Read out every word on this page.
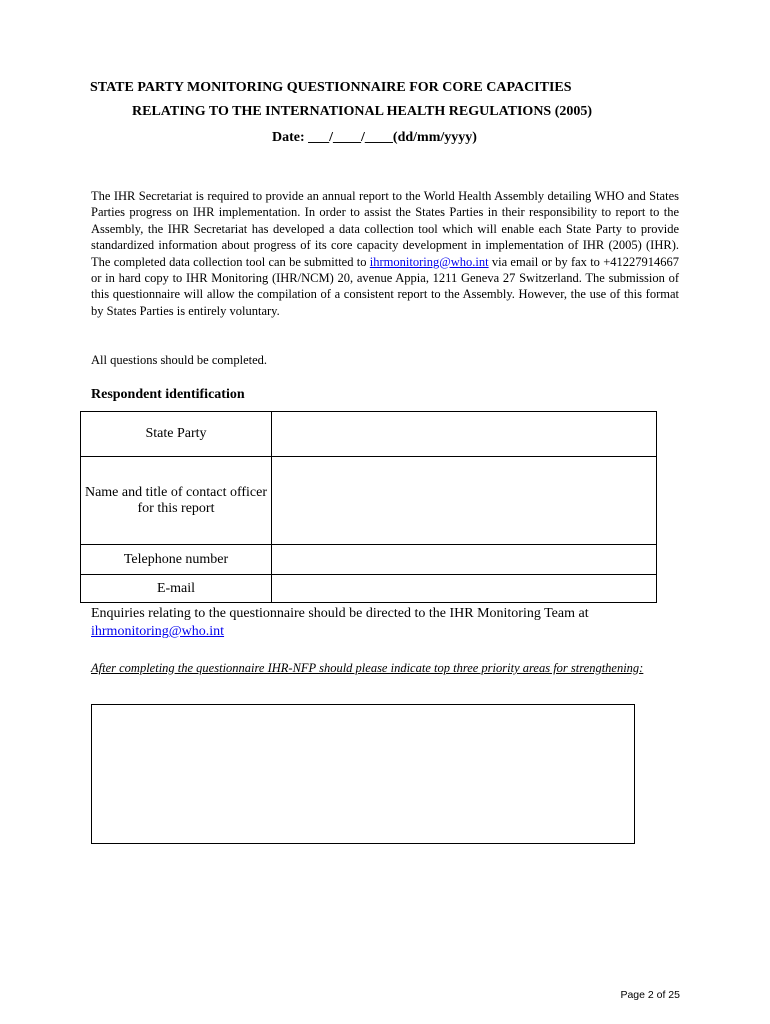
STATE PARTY MONITORING QUESTIONNAIRE FOR CORE CAPACITIES
RELATING TO THE INTERNATIONAL HEALTH REGULATIONS (2005)
Date: ___/____/____(dd/mm/yyyy)
The IHR Secretariat is required to provide an annual report to the World Health Assembly detailing WHO and States Parties progress on IHR implementation. In order to assist the States Parties in their responsibility to report to the Assembly, the IHR Secretariat has developed a data collection tool which will enable each State Party to provide standardized information about progress of its core capacity development in implementation of IHR (2005) (IHR). The completed data collection tool can be submitted to ihrmonitoring@who.int via email or by fax to +41227914667 or in hard copy to IHR Monitoring (IHR/NCM) 20, avenue Appia, 1211 Geneva 27 Switzerland. The submission of this questionnaire will allow the compilation of a consistent report to the Assembly. However, the use of this format by States Parties is entirely voluntary.
All questions should be completed.
Respondent identification
State Party	
Name and title of contact officer for this report	
Telephone number	
E-mail	
Enquiries relating to the questionnaire should be directed to the IHR Monitoring Team at
ihrmonitoring@who.int
After completing the questionnaire IHR-NFP should please indicate top three priority areas for strengthening:
Page 2 of 25
